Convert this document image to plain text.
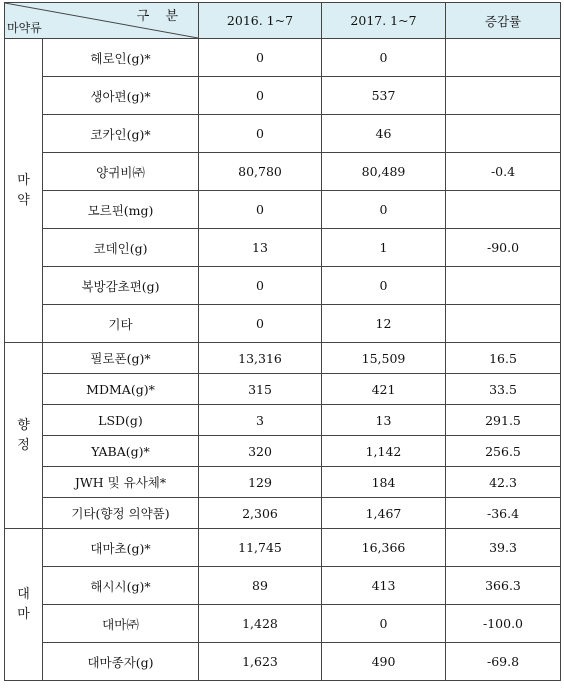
구 분
마약류		2016. 1~7	2017. 1~7	증감률

마
약	헤로인(g)*	0	0	
	생아편(g)*	0	537	
	코카인(g)*	0	46	
	양귀비㈜	80,780	80,489	-0.4
	모르핀(mg)	0	0	
	코데인(g)	13	1	-90.0
	복방감초편(g)	0	0	
	기타	0	12	

향
정	필로폰(g)*	13,316	15,509	16.5
	MDMA(g)*	315	421	33.5
	LSD(g)	3	13	291.5
	YABA(g)*	320	1,142	256.5
	JWH 및 유사체*	129	184	42.3
	기타(향정 의약품)	2,306	1,467	-36.4

대
마	대마초(g)*	11,745	16,366	39.3
	해시시(g)*	89	413	366.3
	대마㈜	1,428	0	-100.0
	대마종자(g)	1,623	490	-69.8
